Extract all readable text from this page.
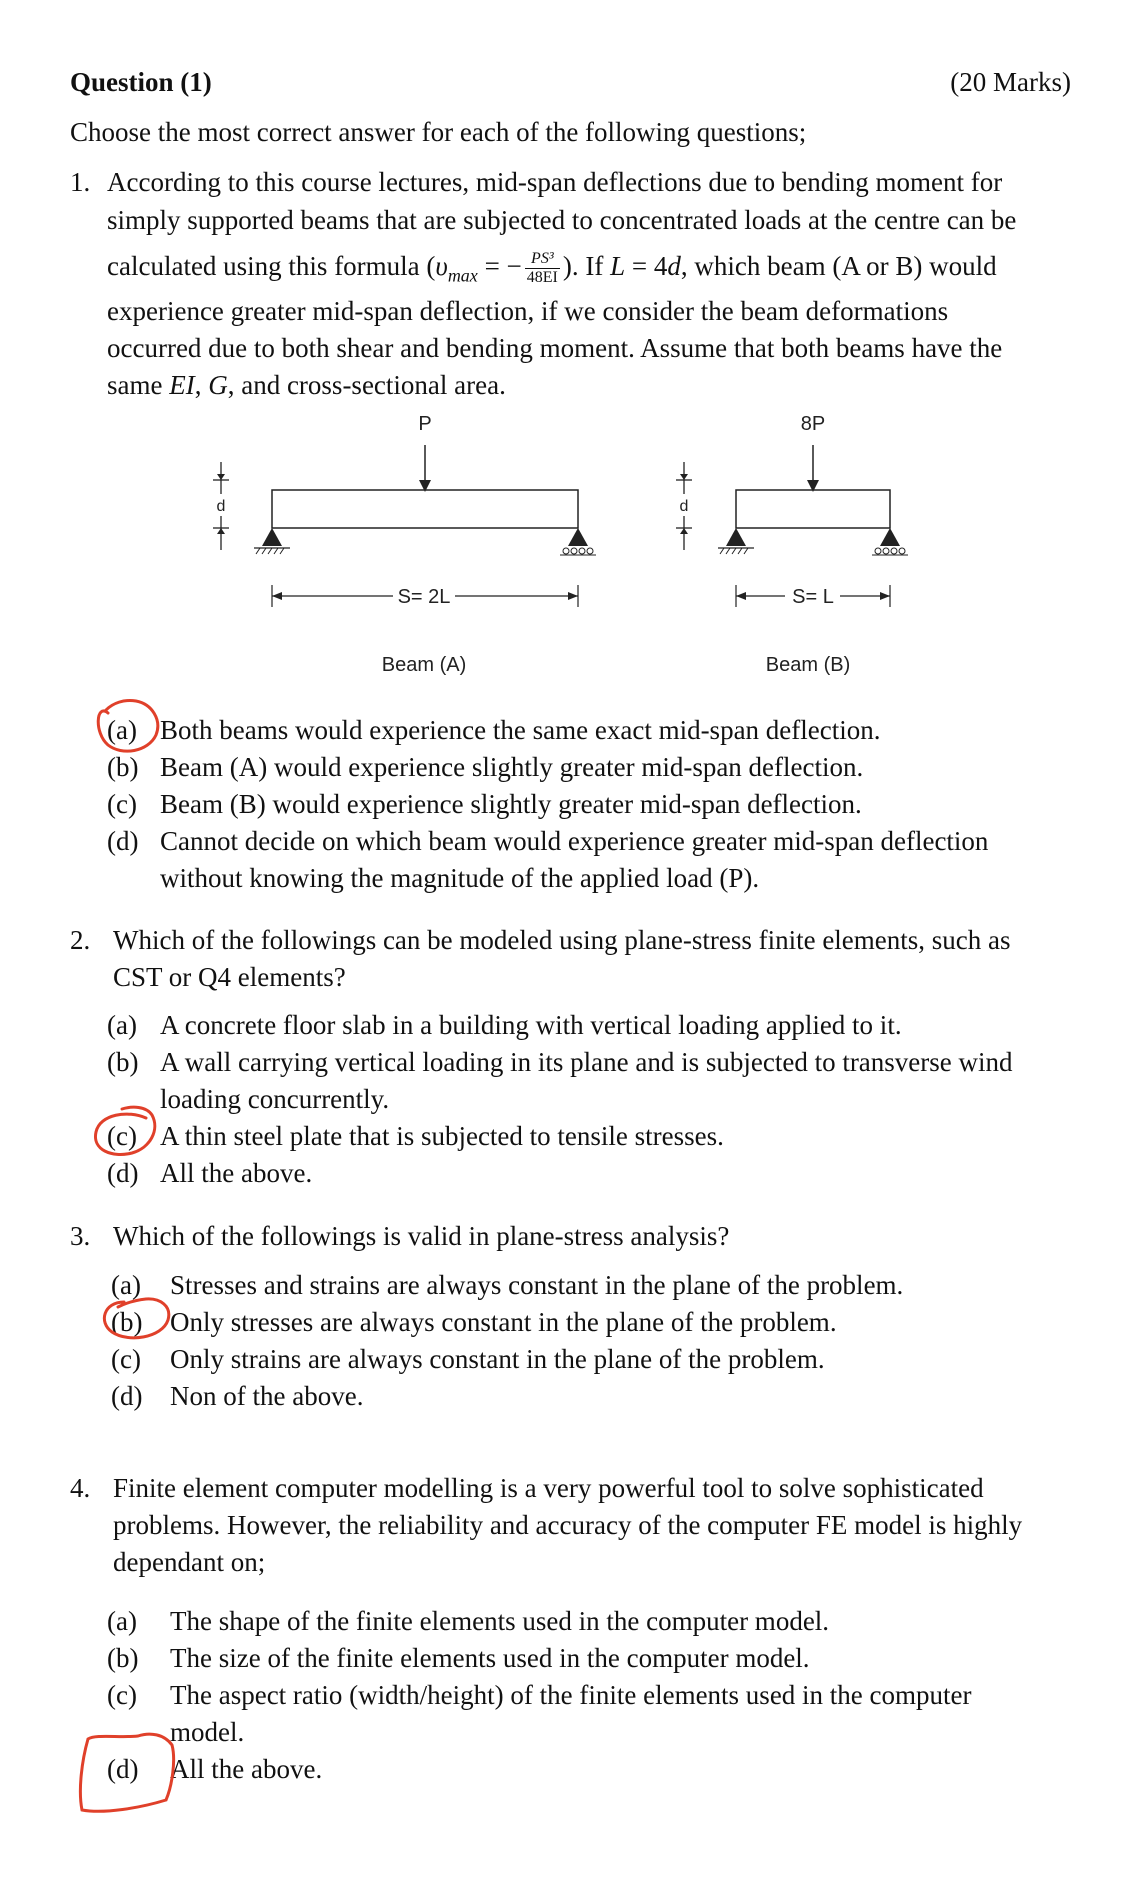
Question (1)	(20 Marks)
Choose the most correct answer for each of the following questions;
1. According to this course lectures, mid-span deflections due to bending moment for
simply supported beams that are subjected to concentrated loads at the centre can be
calculated using this formula ($\upsilon_{max}$ = − $\frac{\text{PS³}}{48EI}$ ). If L = 4d, which beam (A or B) would
experience greater mid-span deflection, if we consider the beam deformations
occurred due to both shear and bending moment. Assume that both beams have the
same EI, G, and cross-sectional area.
P
d
S= 2L
Beam (A)
8P
d
S= L
Beam (B)
(a) Both beams would experience the same exact mid-span deflection.
(b) Beam (A) would experience slightly greater mid-span deflection.
(c) Beam (B) would experience slightly greater mid-span deflection.
(d) Cannot decide on which beam would experience greater mid-span deflection
without knowing the magnitude of the applied load (P).
2. Which of the followings can be modeled using plane-stress finite elements, such as
CST or Q4 elements?
(a) A concrete floor slab in a building with vertical loading applied to it.
(b) A wall carrying vertical loading in its plane and is subjected to transverse wind
loading concurrently.
(c) A thin steel plate that is subjected to tensile stresses.
(d) All the above.
3. Which of the followings is valid in plane-stress analysis?
(a) Stresses and strains are always constant in the plane of the problem.
(b) Only stresses are always constant in the plane of the problem.
(c) Only strains are always constant in the plane of the problem.
(d) Non of the above.
4. Finite element computer modelling is a very powerful tool to solve sophisticated
problems. However, the reliability and accuracy of the computer FE model is highly
dependant on;
(a) The shape of the finite elements used in the computer model.
(b) The size of the finite elements used in the computer model.
(c) The aspect ratio (width/height) of the finite elements used in the computer
model.
(d) All the above.
